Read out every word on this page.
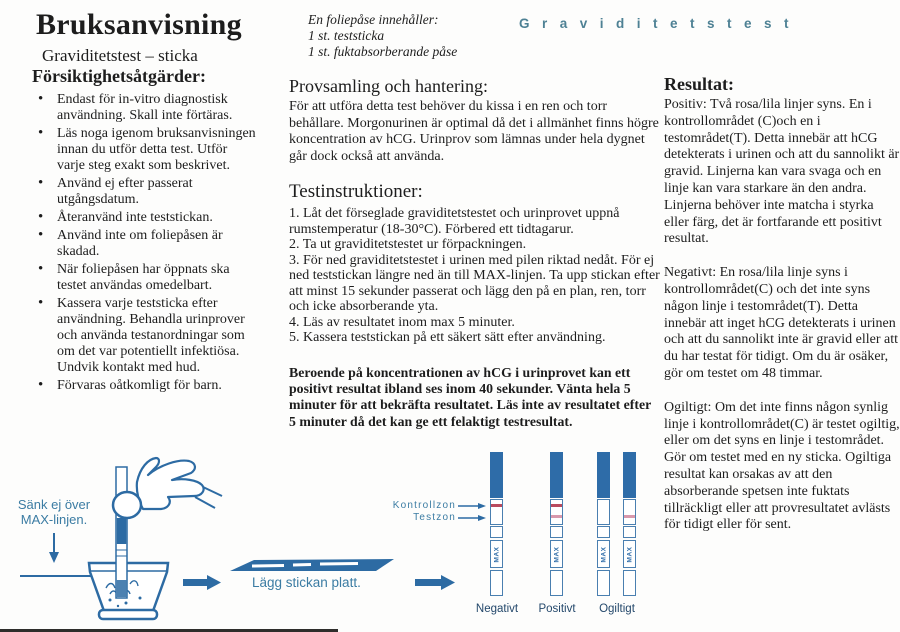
Bruksanvisning
Graviditetstest – sticka
Försiktighetsåtgärder:
• Endast för in-vitro diagnostisk användning. Skall inte förtäras.
• Läs noga igenom bruksanvisningen innan du utför detta test. Utför varje steg exakt som beskrivet.
• Använd ej efter passerat utgångsdatum.
• Återanvänd inte teststickan.
• Använd inte om foliepåsen är skadad.
• När foliepåsen har öppnats ska testet användas omedelbart.
• Kassera varje teststicka efter användning. Behandla urinprover och använda testanordningar som om det var potentiellt infektiösa. Undvik kontakt med hud.
• Förvaras oåtkomligt för barn.
En foliepåse innehåller:
1 st. teststicka
1 st. fuktabsorberande påse
Graviditetstest
Provsamling och hantering:
För att utföra detta test behöver du kissa i en ren och torr behållare. Morgonurinen är optimal då det i allmänhet finns högre koncentration av hCG. Urinprov som lämnas under hela dygnet går dock också att använda.
Testinstruktioner:
1. Låt det förseglade graviditetstestet och urinprovet uppnå rumstemperatur (18-30°C). Förbered ett tidtagarur.
2. Ta ut graviditetstestet ur förpackningen.
3. För ned graviditetstestet i urinen med pilen riktad nedåt. För ej ned teststickan längre ned än till MAX-linjen. Ta upp stickan efter att minst 15 sekunder passerat och lägg den på en plan, ren, torr och icke absorberande yta.
4. Läs av resultatet inom max 5 minuter.
5. Kassera teststickan på ett säkert sätt efter användning.
Beroende på koncentrationen av hCG i urinprovet kan ett positivt resultat ibland ses inom 40 sekunder. Vänta hela 5 minuter för att bekräfta resultatet. Läs inte av resultatet efter 5 minuter då det kan ge ett felaktigt testresultat.
Resultat:

Positiv: Två rosa/lila linjer syns. En i kontrollområdet (C)och en i testområdet(T). Detta innebär att hCG detekterats i urinen och att du sannolikt är gravid. Linjerna kan vara svaga och en linje kan vara starkare än den andra. Linjerna behöver inte matcha i styrka eller färg, det är fortfarande ett positivt resultat.

Negativt: En rosa/lila linje syns i kontrollområdet(C) och det inte syns någon linje i testområdet(T). Detta innebär att inget hCG detekterats i urinen och att du sannolikt inte är gravid eller att du har testat för tidigt. Om du är osäker, gör om testet om 48 timmar.

Ogiltigt: Om det inte finns någon synlig linje i kontrollområdet(C) är testet ogiltig, eller om det syns en linje i testområdet. Gör om testet med en ny sticka. Ogiltiga resultat kan orsakas av att den absorberande spetsen inte fuktats tillräckligt eller att provresultatet avlästs för tidigt eller för sent.

Sänk ej över
MAX-linjen.
Lägg stickan platt.
Kontrollzon
Testzon
MAX	MAX	MAX	MAX
Negativt	Positivt	Ogiltigt
